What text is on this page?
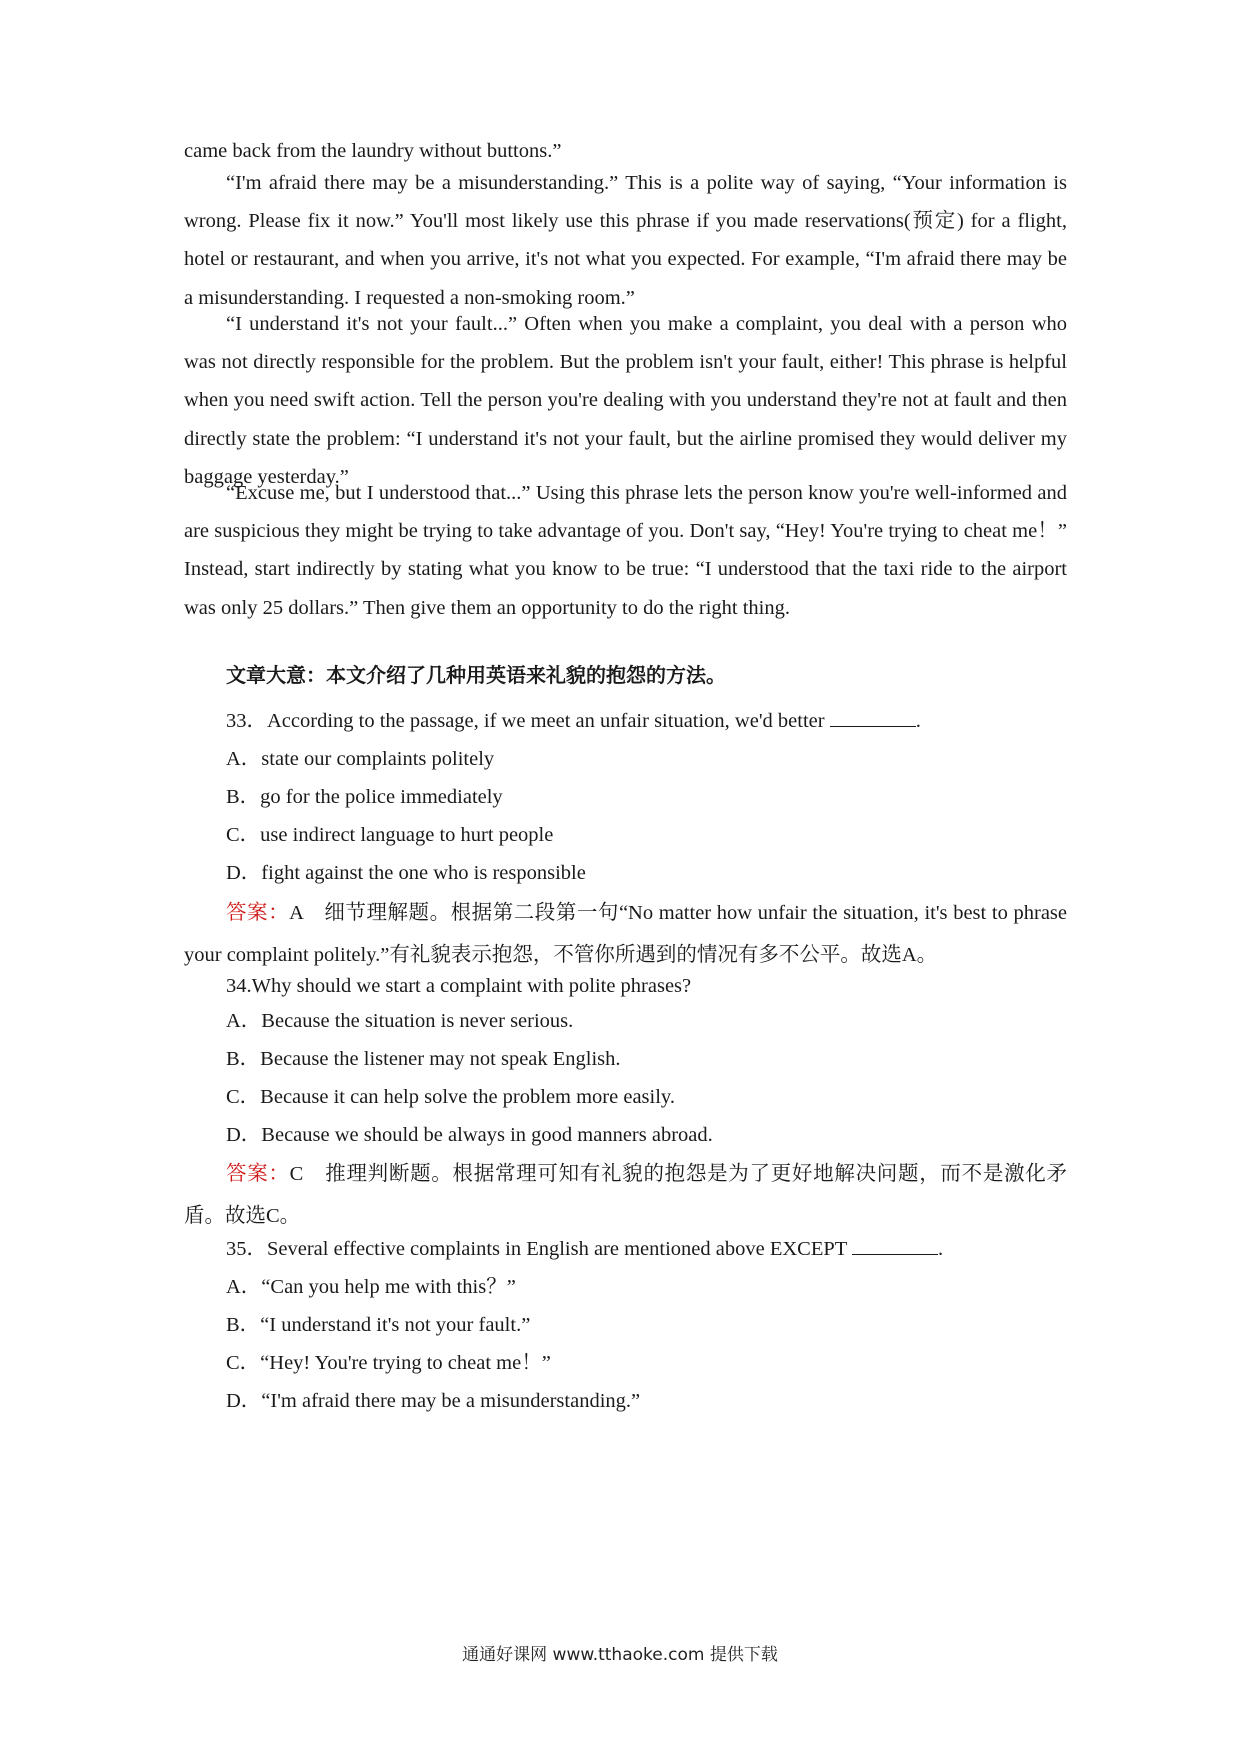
came back from the laundry without buttons.”

“I'm afraid there may be a misunderstanding.” This is a polite way of saying, “Your information is wrong. Please fix it now.” You'll most likely use this phrase if you made reservations(预定) for a flight, hotel or restaurant, and when you arrive, it's not what you expected. For example, “I'm afraid there may be a misunderstanding. I requested a non-smoking room.”

“I understand it's not your fault...” Often when you make a complaint, you deal with a person who was not directly responsible for the problem. But the problem isn't your fault, either! This phrase is helpful when you need swift action. Tell the person you're dealing with you understand they're not at fault and then directly state the problem: “I understand it's not your fault, but the airline promised they would deliver my baggage yesterday.”

“Excuse me, but I understood that...” Using this phrase lets the person know you're well-informed and are suspicious they might be trying to take advantage of you. Don't say, “Hey! You're trying to cheat me！” Instead, start indirectly by stating what you know to be true: “I understood that the taxi ride to the airport was only 25 dollars.” Then give them an opportunity to do the right thing.

文章大意：本文介绍了几种用英语来礼貌的抱怨的方法。

33．According to the passage, if we meet an unfair situation, we'd better	.

A．state our complaints politely

B．go for the police immediately

C．use indirect language to hurt people

D．fight against the one who is responsible

答案：A　细节理解题。根据第二段第一句“No matter how unfair the situation, it's best to phrase your complaint politely.”有礼貌表示抱怨，不管你所遇到的情况有多不公平。故选A。

34.Why should we start a complaint with polite phrases?

A．Because the situation is never serious.

B．Because the listener may not speak English.

C．Because it can help solve the problem more easily.

D．Because we should be always in good manners abroad.

答案：C　推理判断题。根据常理可知有礼貌的抱怨是为了更好地解决问题，而不是激化矛盾。故选C。

35．Several effective complaints in English are mentioned above EXCEPT	.

A．“Can you help me with this？”

B．“I understand it's not your fault.”

C．“Hey! You're trying to cheat me！”

D．“I'm afraid there may be a misunderstanding.”

通通好课网 www.tthaoke.com 提供下载
